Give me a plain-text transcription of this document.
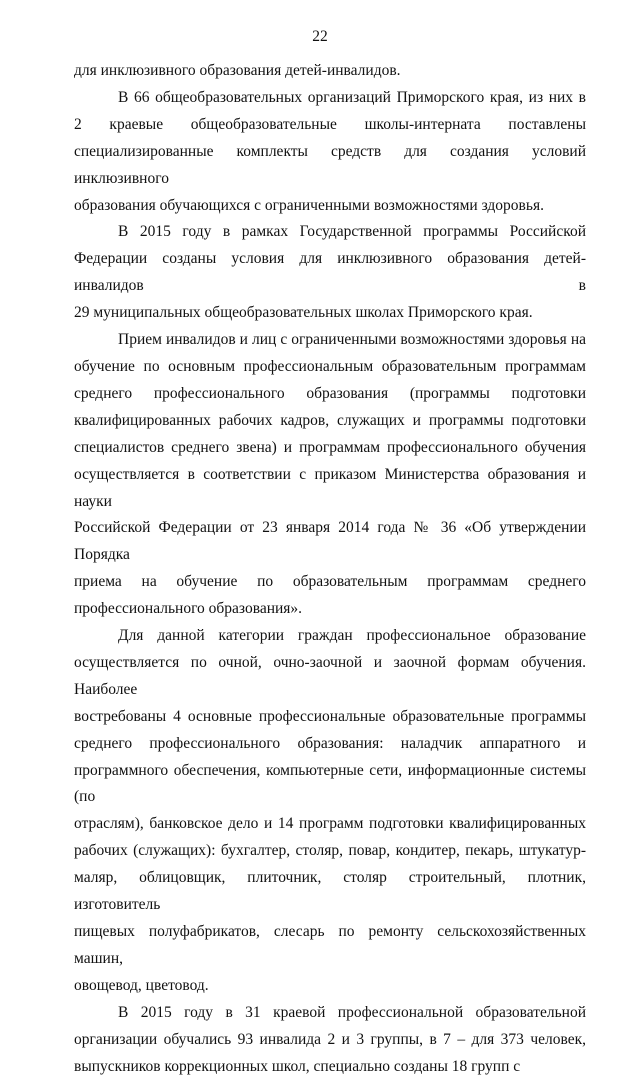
22
для инклюзивного образования детей-инвалидов.
В 66 общеобразовательных организаций Приморского края, из них в
2 краевые общеобразовательные школы-интерната поставлены
специализированные комплекты средств для создания условий инклюзивного
образования обучающихся с ограниченными возможностями здоровья.
В 2015 году в рамках Государственной программы Российской
Федерации созданы условия для инклюзивного образования детей-инвалидов в
29 муниципальных общеобразовательных школах Приморского края.
Прием инвалидов и лиц с ограниченными возможностями здоровья на
обучение по основным профессиональным образовательным программам
среднего профессионального образования (программы подготовки
квалифицированных рабочих кадров, служащих и программы подготовки
специалистов среднего звена) и программам профессионального обучения
осуществляется в соответствии с приказом Министерства образования и науки
Российской Федерации от 23 января 2014 года № 36 «Об утверждении Порядка
приема на обучение по образовательным программам среднего
профессионального образования».
Для данной категории граждан профессиональное образование
осуществляется по очной, очно-заочной и заочной формам обучения. Наиболее
востребованы 4 основные профессиональные образовательные программы
среднего профессионального образования: наладчик аппаратного и
программного обеспечения, компьютерные сети, информационные системы (по
отраслям), банковское дело и 14 программ подготовки квалифицированных
рабочих (служащих): бухгалтер, столяр, повар, кондитер, пекарь, штукатур-
маляр, облицовщик, плиточник, столяр строительный, плотник, изготовитель
пищевых полуфабрикатов, слесарь по ремонту сельскохозяйственных машин,
овощевод, цветовод.
В 2015 году в 31 краевой профессиональной образовательной
организации обучались 93 инвалида 2 и 3 группы, в 7 – для 373 человек,
выпускников коррекционных школ, специально созданы 18 групп с
